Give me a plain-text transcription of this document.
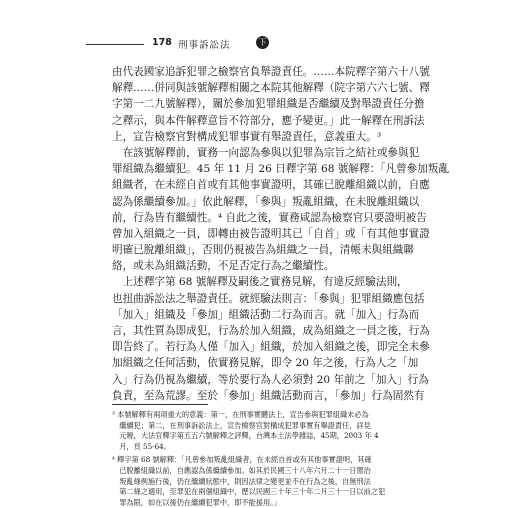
178 刑事訴訟法	下
由代表國家追訴犯罪之檢察官負舉證責任。……本院釋字第六十八號
解釋……併同與該號解釋相關之本院其他解釋（院字第六六七號、釋
字第一二九號解釋），關於參加犯罪組織是否繼續及對舉證責任分擔
之釋示，與本件解釋意旨不符部分，應予變更。」此一解釋在刑訴法
上，宣告檢察官對構成犯罪事實有舉證責任，意義重大。³
　在該號解釋前，實務一向認為參與以犯罪為宗旨之結社或參與犯
罪組織為繼續犯。45 年 11 月 26 日釋字第 68 號解釋：「凡曾參加叛亂
組織者，在未經自首或有其他事實證明，其確已脫離組織以前，自應
認為係繼續參加。」依此解釋，「參與」叛亂組織，在未脫離組織以
前，行為皆有繼續性。⁴ 自此之後，實務咸認為檢察官只要證明被告
曾加入組織之一員，即轉由被告證明其已「自首」或「有其他事實證
明確已脫離組織」，否則仍視被告為組織之一員，清帳未與組織聯
絡，或未為組織活動，不足否定行為之繼續性。
　上述釋字第 68 號解釋及嗣後之實務見解，有違反經驗法則，
也扭曲訴訟法之舉證責任。就經驗法則言：「參與」犯罪組織應包括
「加入」組織及「參加」組織活動二行為而言。就「加入」行為而
言，其性質為即成犯，行為於加入組織，成為組織之一員之後，行為
即告終了。若行為人僅「加入」組織，於加入組織之後，即完全未參
加組織之任何活動，依實務見解，即令 20 年之後，行為人之「加
入」行為仍視為繼續，等於要行為人必須對 20 年前之「加入」行為
負責，至為荒謬。至於「參加」組織活動而言，「參加」行為固然有
³ 本號解釋有兩項重大的意義：第一，在刑事實體法上，宣告參與犯罪組織未必為
　繼續犯；第二，在刑事訴訟法上，宣告檢察官對構成犯罪事實有舉證責任，詳見
　元曉，大法官釋字第五五六號解釋之評釋，台灣本土法學雜誌，45期，2003 年 4
　月，頁 55-64。
⁴ 釋字第 68 號解釋：「凡曾參加叛亂組織者，在未經自首或有其他事實證明，其確
　已脫離組織以前，自應認為係繼續參加。如其於民國三十八年六月二十一日懲治
　叛亂條例施行後，仍在繼續狀態中，則因法律之變更並不在行為之後，自無刑法
　第二條之適用，至罪犯在兩個組織中，歷以民國三十年三十年二月三十一日以前之犯
　罪為限，如在以後仍在繼續犯罪中，即不能援用。」
